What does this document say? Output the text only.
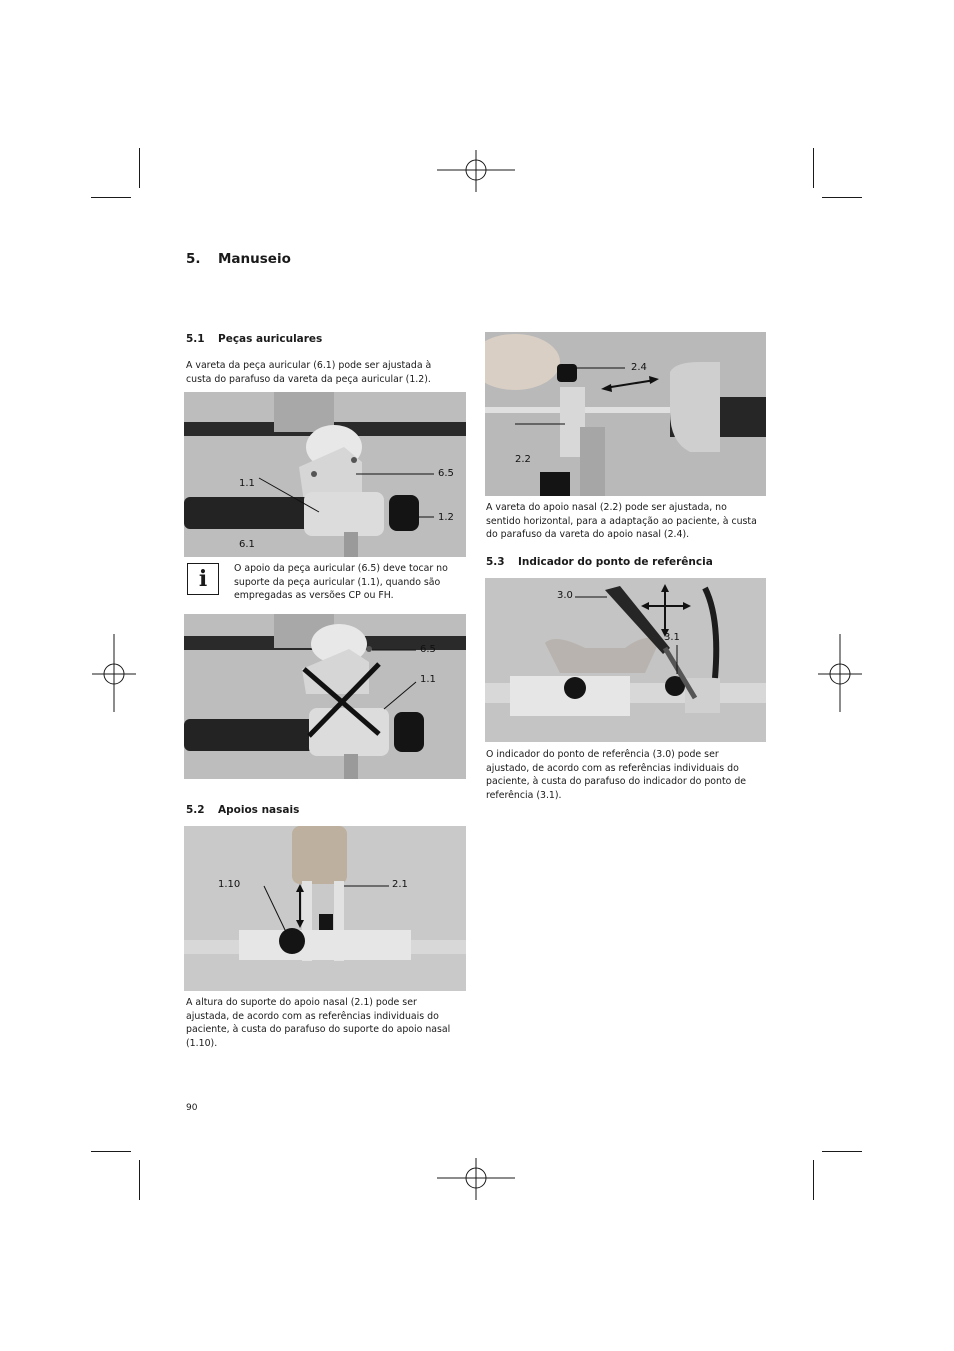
5. Manuseio
5.1 Peças auriculares
A vareta da peça auricular (6.1) pode ser ajustada à custa do parafuso da vareta da peça auricular (1.2).
1.1
6.5
1.2
6.1
i	O apoio da peça auricular (6.5) deve tocar no suporte da peça auricular (1.1), quando são empregadas as versões CP ou FH.
6.5
1.1
5.2 Apoios nasais
1.10	2.1
A altura do suporte do apoio nasal (2.1) pode ser ajustada, de acordo com as referências individuais do paciente, à custa do parafuso do suporte do apoio nasal (1.10).
2.4
2.2
A vareta do apoio nasal (2.2) pode ser ajustada, no sentido horizontal, para a adaptação ao paciente, à custa do parafuso da vareta do apoio nasal (2.4).
5.3 Indicador do ponto de referência
3.0
3.1
O indicador do ponto de referência (3.0) pode ser ajustado, de acordo com as referências individuais do paciente, à custa do parafuso do indicador do ponto de referência (3.1).
90
